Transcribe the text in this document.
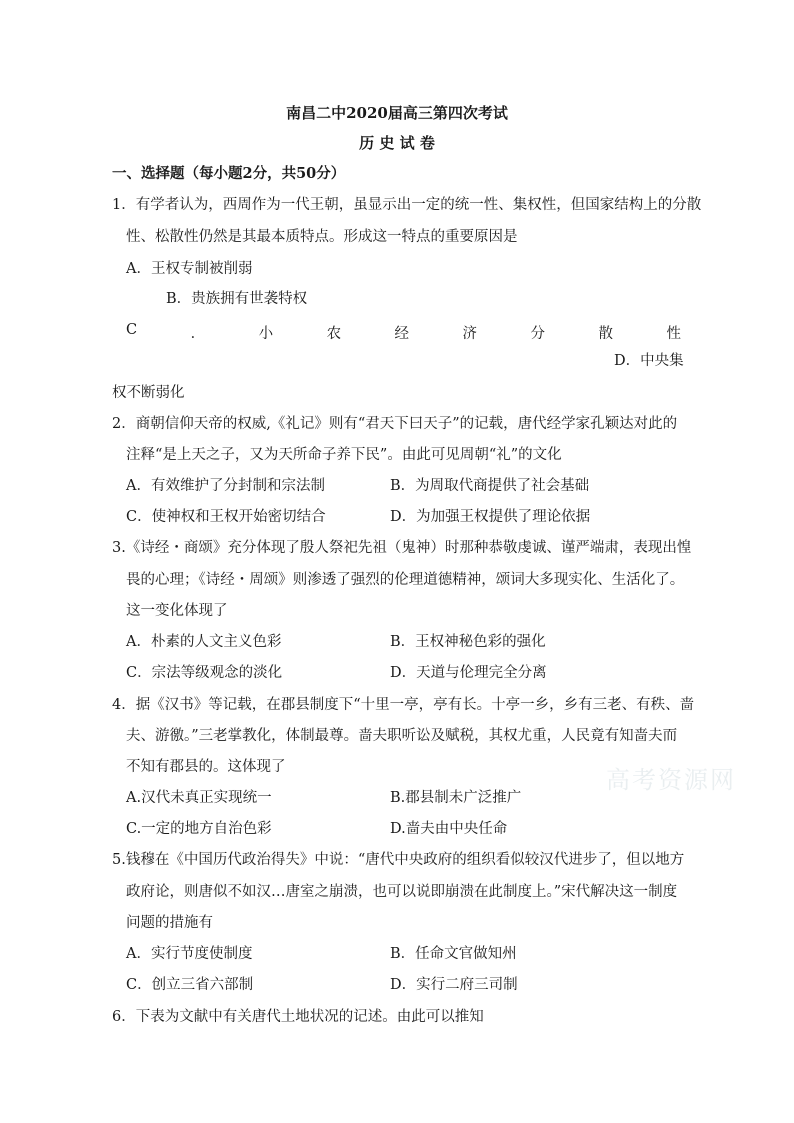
高考资源网
南昌二中2020届高三第四次考试
历 史 试 卷
一、选择题（每小题2分，共50分）
1．有学者认为，西周作为一代王朝，虽显示出一定的统一性、集权性，但国家结构上的分散
性、松散性仍然是其最本质特点。形成这一特点的重要原因是
A．王权专制被削弱
B．贵族拥有世袭特权
C	．	小	农	经	济	分	散	性
D．中央集
权不断弱化
2．商朝信仰天帝的权威,《礼记》则有“君天下曰天子”的记载，唐代经学家孔颖达对此的
注释“是上天之子，又为天所命子养下民”。由此可见周朝“礼”的文化
A．有效维护了分封制和宗法制	B．为周取代商提供了社会基础
C．使神权和王权开始密切结合	D．为加强王权提供了理论依据
3.《诗经・商颂》充分体现了殷人祭祀先祖（鬼神）时那种恭敬虔诚、谨严端肃，表现出惶
畏的心理；《诗经・周颂》则渗透了强烈的伦理道德精神，颂词大多现实化、生活化了。
这一变化体现了
A．朴素的人文主义色彩	B．王权神秘色彩的强化
C．宗法等级观念的淡化	D．天道与伦理完全分离
4．据《汉书》等记载，在郡县制度下“十里一亭，亭有长。十亭一乡，乡有三老、有秩、啬
夫、游徼。”三老掌教化，体制最尊。啬夫职听讼及赋税，其权尤重，人民竟有知啬夫而
不知有郡县的。这体现了
A.汉代未真正实现统一	B.郡县制未广泛推广
C.一定的地方自治色彩	D.啬夫由中央任命
5.钱穆在《中国历代政治得失》中说：“唐代中央政府的组织看似较汉代进步了，但以地方
政府论，则唐似不如汉…唐室之崩溃，也可以说即崩溃在此制度上。”宋代解决这一制度
问题的措施有
A．实行节度使制度	B．任命文官做知州
C．创立三省六部制	D．实行二府三司制
6．下表为文献中有关唐代土地状况的记述。由此可以推知
